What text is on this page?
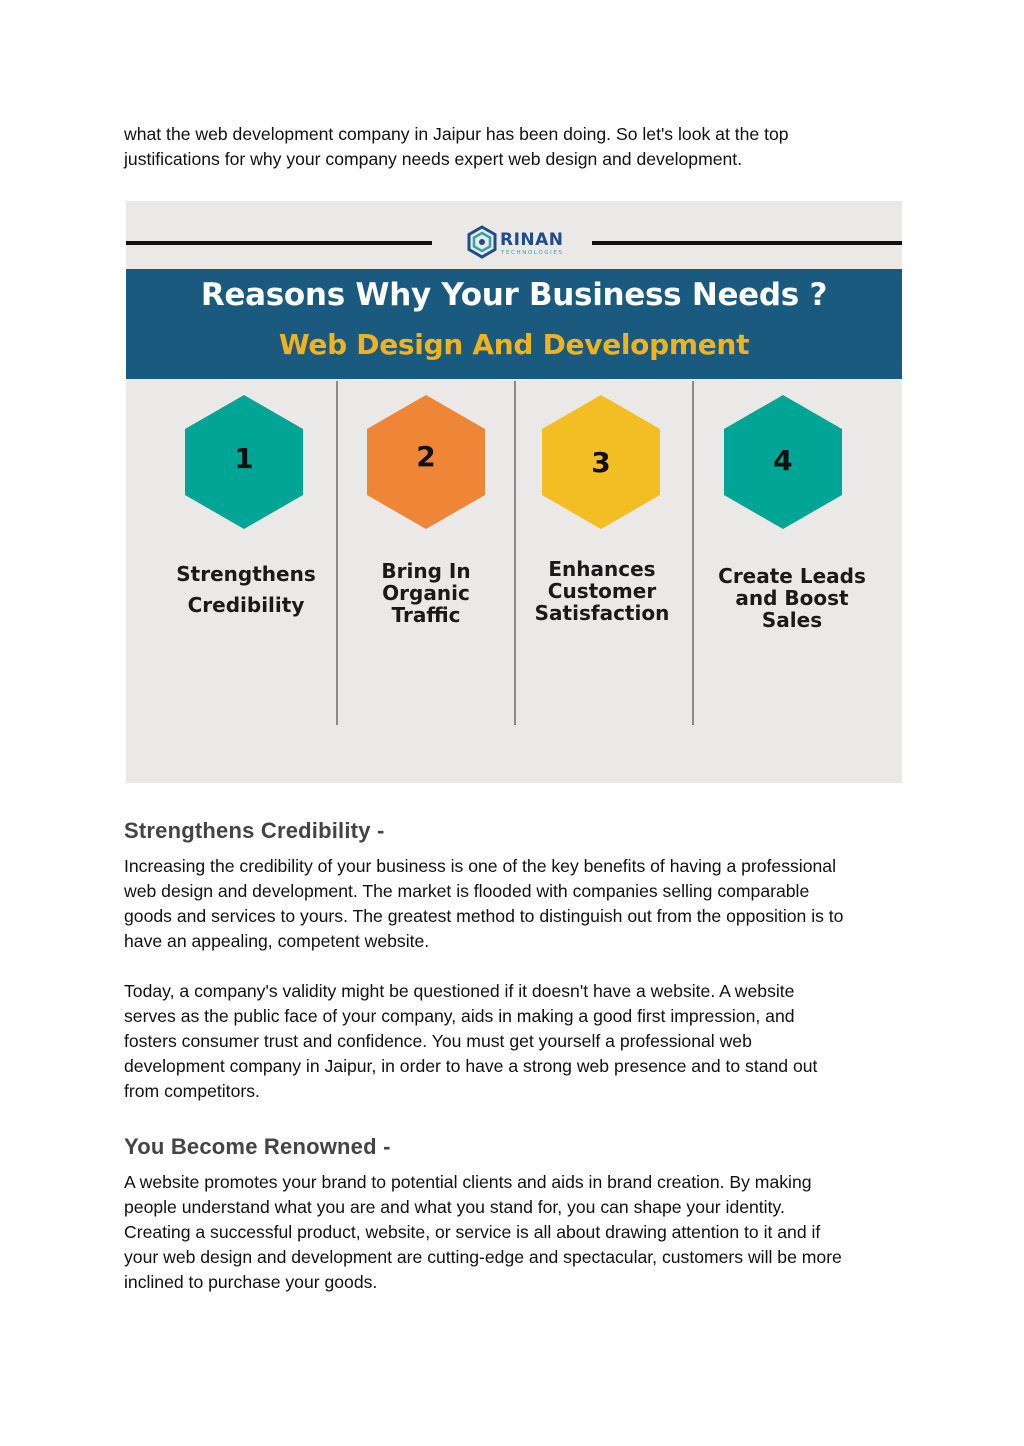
what the web development company in Jaipur has been doing. So let's look at the top
justifications for why your company needs expert web design and development.

RINAN
TECHNOLOGIES
Reasons Why Your Business Needs ?
Web Design And Development
1

Strengthens
Credibility

2

Bring In
Organic
Traffic

3

Enhances
Customer
Satisfaction

4

Create Leads
and Boost
Sales

Strengthens Credibility -

Increasing the credibility of your business is one of the key benefits of having a professional
web design and development. The market is flooded with companies selling comparable
goods and services to yours. The greatest method to distinguish out from the opposition is to
have an appealing, competent website.

Today, a company's validity might be questioned if it doesn't have a website. A website
serves as the public face of your company, aids in making a good first impression, and
fosters consumer trust and confidence. You must get yourself a professional web
development company in Jaipur, in order to have a strong web presence and to stand out
from competitors.

You Become Renowned -

A website promotes your brand to potential clients and aids in brand creation. By making
people understand what you are and what you stand for, you can shape your identity.
Creating a successful product, website, or service is all about drawing attention to it and if
your web design and development are cutting-edge and spectacular, customers will be more
inclined to purchase your goods.
